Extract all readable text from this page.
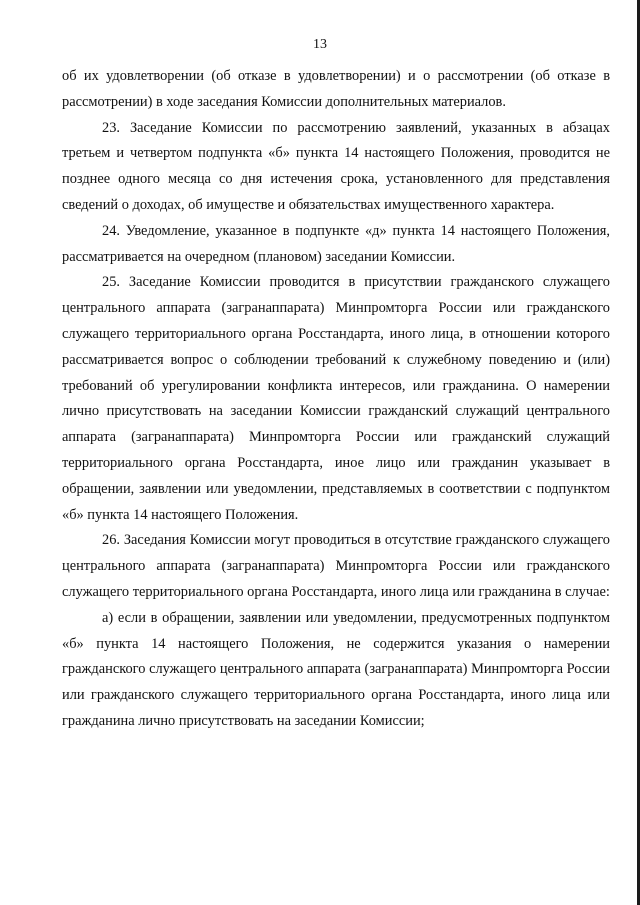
13

об их удовлетворении (об отказе в удовлетворении) и о рассмотрении (об отказе в рассмотрении) в ходе заседания Комиссии дополнительных материалов.

23. Заседание Комиссии по рассмотрению заявлений, указанных в абзацах третьем и четвертом подпункта «б» пункта 14 настоящего Положения, проводится не позднее одного месяца со дня истечения срока, установленного для представления сведений о доходах, об имуществе и обязательствах имущественного характера.

24. Уведомление, указанное в подпункте «д» пункта 14 настоящего Положения, рассматривается на очередном (плановом) заседании Комиссии.

25. Заседание Комиссии проводится в присутствии гражданского служащего центрального аппарата (загранаппарата) Минпромторга России или гражданского служащего территориального органа Росстандарта, иного лица, в отношении которого рассматривается вопрос о соблюдении требований к служебному поведению и (или) требований об урегулировании конфликта интересов, или гражданина. О намерении лично присутствовать на заседании Комиссии гражданский служащий центрального аппарата (загранаппарата) Минпромторга России или гражданский служащий территориального органа Росстандарта, иное лицо или гражданин указывает в обращении, заявлении или уведомлении, представляемых в соответствии с подпунктом «б» пункта 14 настоящего Положения.

26. Заседания Комиссии могут проводиться в отсутствие гражданского служащего центрального аппарата (загранаппарата) Минпромторга России или гражданского служащего территориального органа Росстандарта, иного лица или гражданина в случае:

а) если в обращении, заявлении или уведомлении, предусмотренных подпунктом «б» пункта 14 настоящего Положения, не содержится указания о намерении гражданского служащего центрального аппарата (загранаппарата) Минпромторга России или гражданского служащего территориального органа Росстандарта, иного лица или гражданина лично присутствовать на заседании Комиссии;
